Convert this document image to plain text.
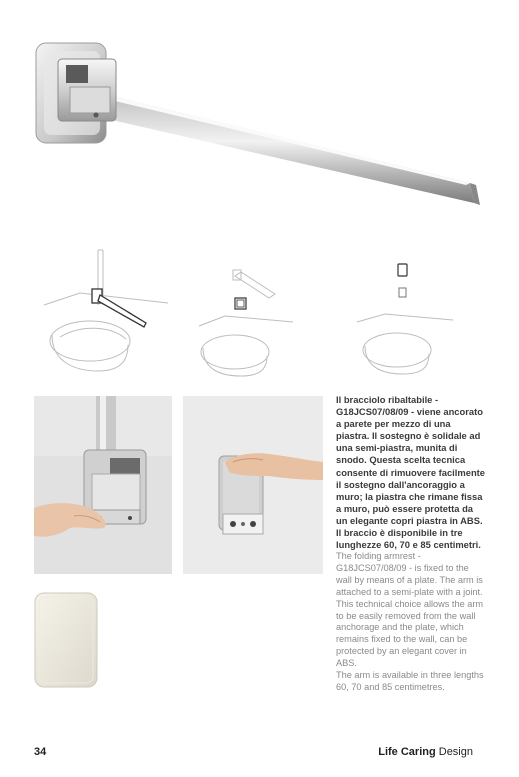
Il bracciolo ribaltabile - G18JCS07/08/09 - viene ancorato a parete per mezzo di una piastra. Il sostegno è solidale ad una semi-piastra, munita di snodo. Questa scelta tecnica consente di rimuovere facilmente il sostegno dall'ancoraggio a muro; la piastra che rimane fissa a muro, può essere protetta da un elegante copri piastra in ABS.

Il braccio è disponibile in tre lunghezze 60, 70 e 85 centimetri.

The folding armrest - G18JCS07/08/09 - is fixed to the wall by means of a plate. The arm is attached to a semi-plate with a joint. This technical choice allows the arm to be easily removed from the wall anchorage and the plate, which remains fixed to the wall, can be protected by an elegant cover in ABS.

The arm is available in three lengths 60, 70 and 85 centimetres.

34	Life Caring Design
